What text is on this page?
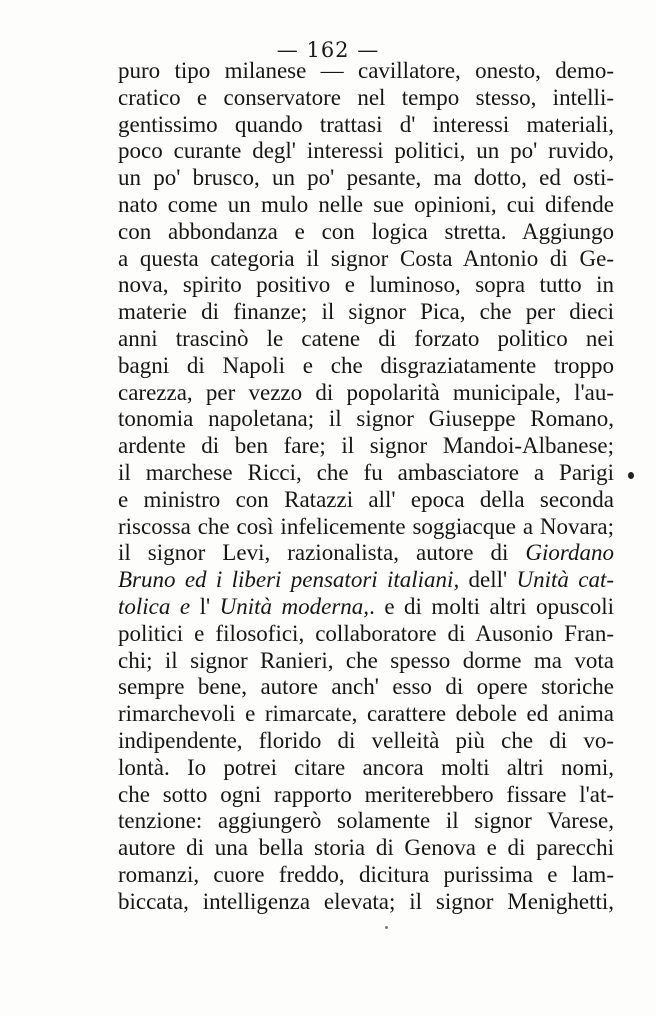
— 162 —
puro tipo milanese — cavillatore, onesto, demo-
cratico e conservatore nel tempo stesso, intelli-
gentissimo quando trattasi d' interessi materiali,
poco curante degl' interessi politici, un po' ruvido,
un po' brusco, un po' pesante, ma dotto, ed osti-
nato come un mulo nelle sue opinioni, cui difende
con abbondanza e con logica stretta. Aggiungo
a questa categoria il signor Costa Antonio di Ge-
nova, spirito positivo e luminoso, sopra tutto in
materie di finanze; il signor Pica, che per dieci
anni trascinò le catene di forzato politico nei
bagni di Napoli e che disgraziatamente troppo
carezza, per vezzo di popolarità municipale, l'au-
tonomia napoletana; il signor Giuseppe Romano,
ardente di ben fare; il signor Mandoi-Albanese;
il marchese Ricci, che fu ambasciatore a Parigi
e ministro con Ratazzi all' epoca della seconda
riscossa che così infelicemente soggiacque a Novara;
il signor Levi, razionalista, autore di Giordano
Bruno ed i liberi pensatori italiani, dell' Unità cat-
tolica e l' Unità moderna,. e di molti altri opuscoli
politici e filosofici, collaboratore di Ausonio Fran-
chi; il signor Ranieri, che spesso dorme ma vota
sempre bene, autore anch' esso di opere storiche
rimarchevoli e rimarcate, carattere debole ed anima
indipendente, florido di velleità più che di vo-
lontà. Io potrei citare ancora molti altri nomi,
che sotto ogni rapporto meriterebbero fissare l'at-
tenzione: aggiungerò solamente il signor Varese,
autore di una bella storia di Genova e di parecchi
romanzi, cuore freddo, dicitura purissima e lam-
biccata, intelligenza elevata; il signor Menighetti,
